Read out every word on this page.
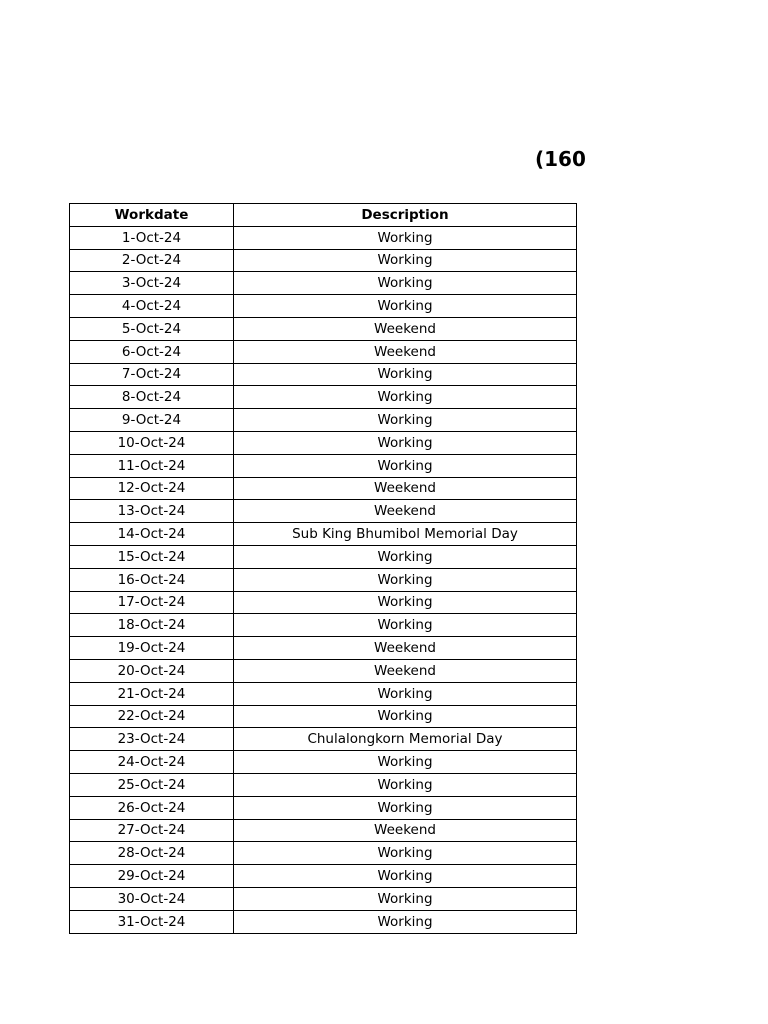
(160
Workdate	Description
1-Oct-24	Working
2-Oct-24	Working
3-Oct-24	Working
4-Oct-24	Working
5-Oct-24	Weekend
6-Oct-24	Weekend
7-Oct-24	Working
8-Oct-24	Working
9-Oct-24	Working
10-Oct-24	Working
11-Oct-24	Working
12-Oct-24	Weekend
13-Oct-24	Weekend
14-Oct-24	Sub King Bhumibol Memorial Day
15-Oct-24	Working
16-Oct-24	Working
17-Oct-24	Working
18-Oct-24	Working
19-Oct-24	Weekend
20-Oct-24	Weekend
21-Oct-24	Working
22-Oct-24	Working
23-Oct-24	Chulalongkorn Memorial Day
24-Oct-24	Working
25-Oct-24	Working
26-Oct-24	Working
27-Oct-24	Weekend
28-Oct-24	Working
29-Oct-24	Working
30-Oct-24	Working
31-Oct-24	Working
